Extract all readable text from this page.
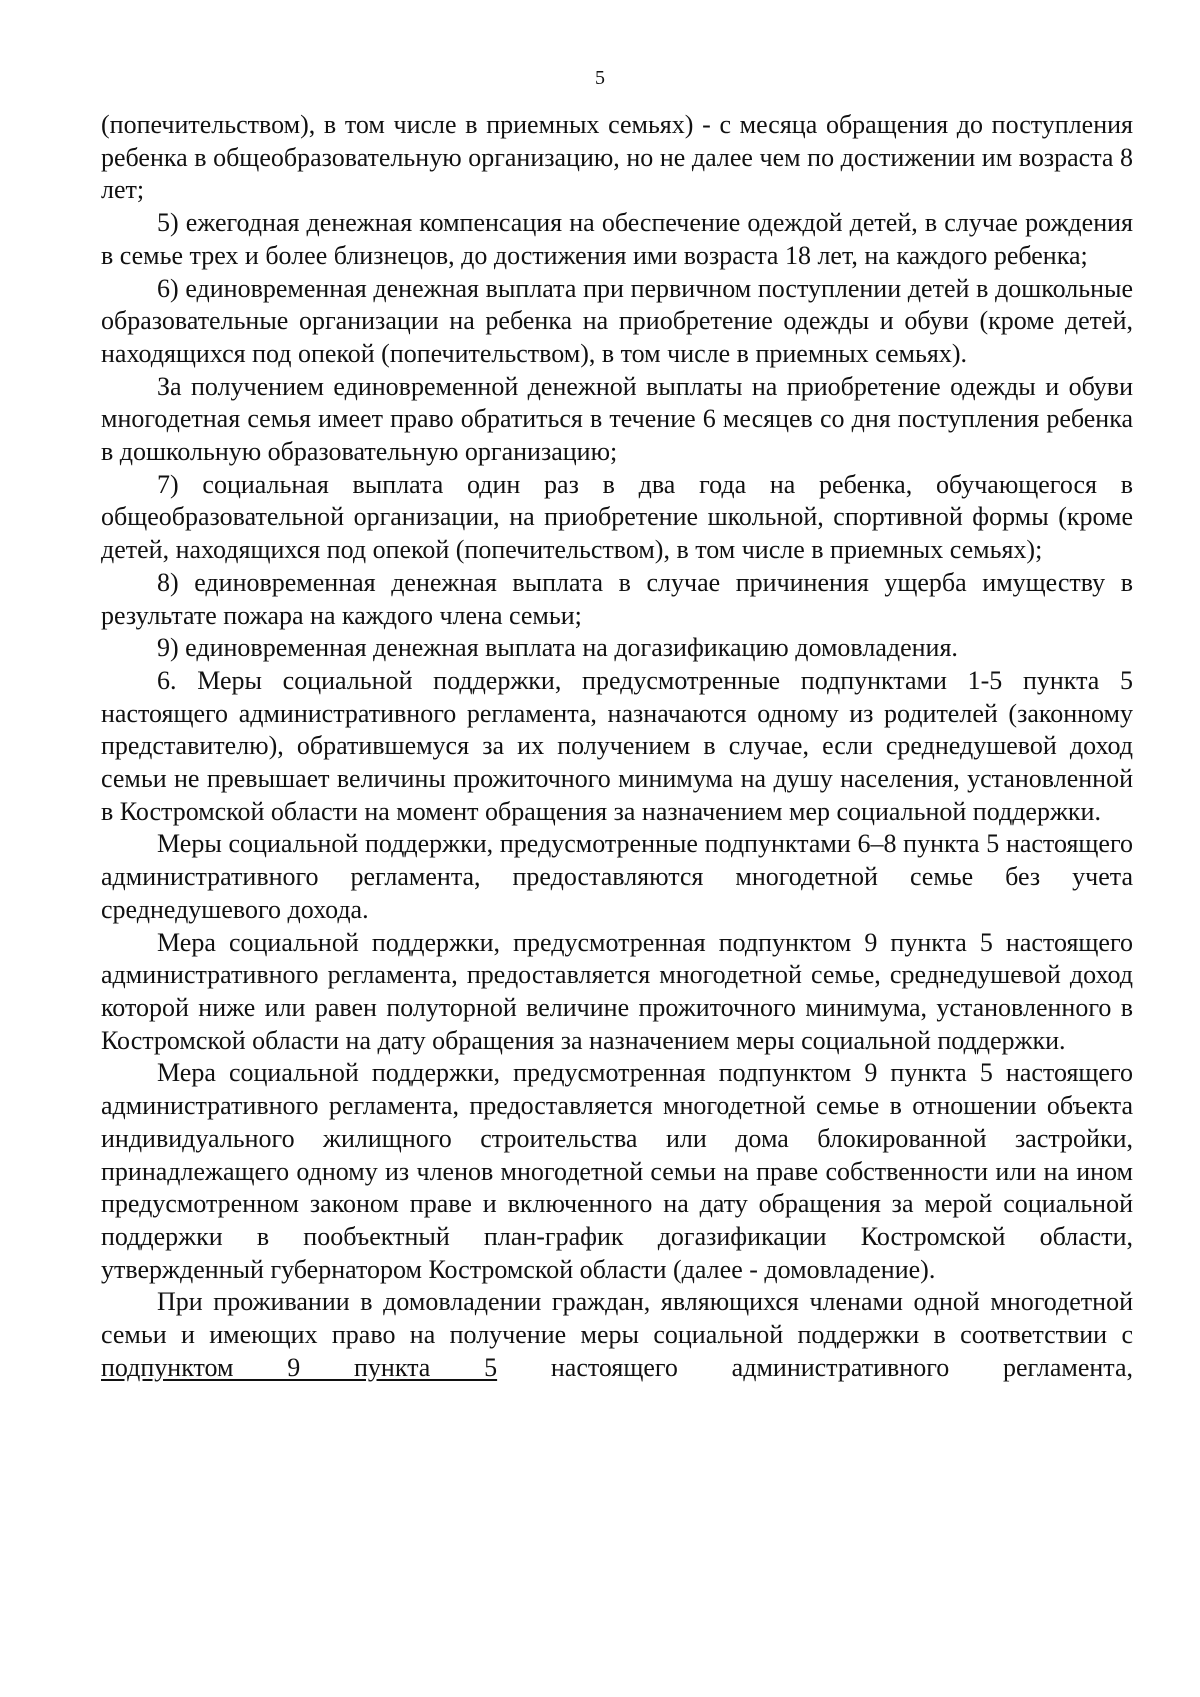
5

(попечительством), в том числе в приемных семьях) - с месяца обращения до поступления ребенка в общеобразовательную организацию, но не далее чем по достижении им возраста 8 лет;

5) ежегодная денежная компенсация на обеспечение одеждой детей, в случае рождения в семье трех и более близнецов, до достижения ими возраста 18 лет, на каждого ребенка;

6) единовременная денежная выплата при первичном поступлении детей в дошкольные образовательные организации на ребенка на приобретение одежды и обуви (кроме детей, находящихся под опекой (попечительством), в том числе в приемных семьях).

За получением единовременной денежной выплаты на приобретение одежды и обуви многодетная семья имеет право обратиться в течение 6 месяцев со дня поступления ребенка в дошкольную образовательную организацию;

7) социальная выплата один раз в два года на ребенка, обучающегося в общеобразовательной организации, на приобретение школьной, спортивной формы (кроме детей, находящихся под опекой (попечительством), в том числе в приемных семьях);

8) единовременная денежная выплата в случае причинения ущерба имуществу в результате пожара на каждого члена семьи;

9) единовременная денежная выплата на догазификацию домовладения.

6. Меры социальной поддержки, предусмотренные подпунктами 1-5 пункта 5 настоящего административного регламента, назначаются одному из родителей (законному представителю), обратившемуся за их получением в случае, если среднедушевой доход семьи не превышает величины прожиточного минимума на душу населения, установленной в Костромской области на момент обращения за назначением мер социальной поддержки.

Меры социальной поддержки, предусмотренные подпунктами 6–8 пункта 5 настоящего административного регламента, предоставляются многодетной семье без учета среднедушевого дохода.

Мера социальной поддержки, предусмотренная подпунктом 9 пункта 5 настоящего административного регламента, предоставляется многодетной семье, среднедушевой доход которой ниже или равен полуторной величине прожиточного минимума, установленного в Костромской области на дату обращения за назначением меры социальной поддержки.

Мера социальной поддержки, предусмотренная подпунктом 9 пункта 5 настоящего административного регламента, предоставляется многодетной семье в отношении объекта индивидуального жилищного строительства или дома блокированной застройки, принадлежащего одному из членов многодетной семьи на праве собственности или на ином предусмотренном законом праве и включенного на дату обращения за мерой социальной поддержки в пообъектный план-график догазификации Костромской области, утвержденный губернатором Костромской области (далее - домовладение).

При проживании в домовладении граждан, являющихся членами одной многодетной семьи и имеющих право на получение меры социальной поддержки в соответствии с подпунктом 9 пункта 5 настоящего административного регламента,
